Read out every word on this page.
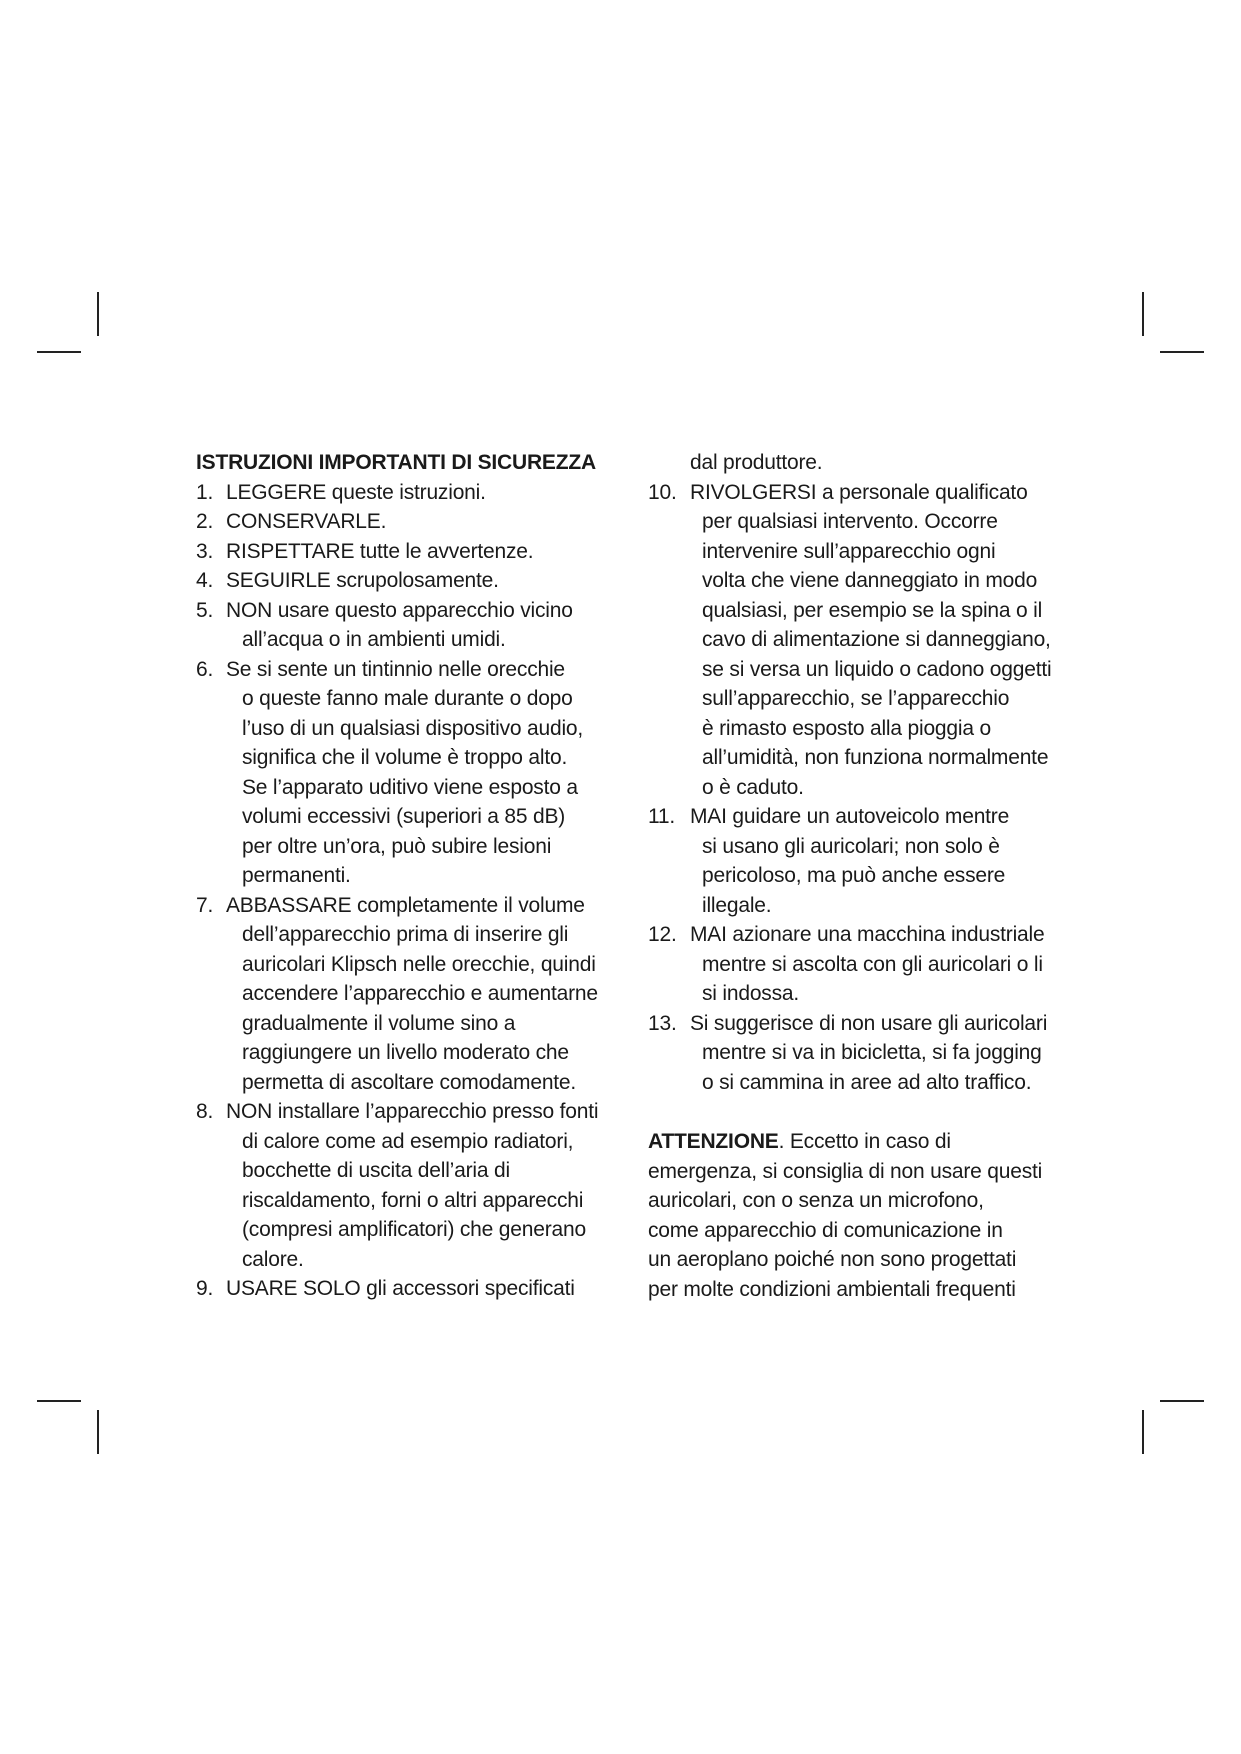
ISTRUZIONI IMPORTANTI DI SICUREZZA
1. LEGGERE queste istruzioni.
2. CONSERVARLE.
3. RISPETTARE tutte le avvertenze.
4. SEGUIRLE scrupolosamente.
5. NON usare questo apparecchio vicino
all’acqua o in ambienti umidi.
6. Se si sente un tintinnio nelle orecchie
o queste fanno male durante o dopo
l’uso di un qualsiasi dispositivo audio,
significa che il volume è troppo alto.
Se l’apparato uditivo viene esposto a
volumi eccessivi (superiori a 85 dB)
per oltre un’ora, può subire lesioni
permanenti.
7. ABBASSARE completamente il volume
dell’apparecchio prima di inserire gli
auricolari Klipsch nelle orecchie, quindi
accendere l’apparecchio e aumentarne
gradualmente il volume sino a
raggiungere un livello moderato che
permetta di ascoltare comodamente.
8. NON installare l’apparecchio presso fonti
di calore come ad esempio radiatori,
bocchette di uscita dell’aria di
riscaldamento, forni o altri apparecchi
(compresi amplificatori) che generano
calore.
9. USARE SOLO gli accessori specificati
dal produttore.
10. RIVOLGERSI a personale qualificato
per qualsiasi intervento. Occorre
intervenire sull’apparecchio ogni
volta che viene danneggiato in modo
qualsiasi, per esempio se la spina o il
cavo di alimentazione si danneggiano,
se si versa un liquido o cadono oggetti
sull’apparecchio, se l’apparecchio
è rimasto esposto alla pioggia o
all’umidità, non funziona normalmente
o è caduto.
11. MAI guidare un autoveicolo mentre
si usano gli auricolari; non solo è
pericoloso, ma può anche essere
illegale.
12. MAI azionare una macchina industriale
mentre si ascolta con gli auricolari o li
si indossa.
13. Si suggerisce di non usare gli auricolari
mentre si va in bicicletta, si fa jogging
o si cammina in aree ad alto traffico.
ATTENZIONE. Eccetto in caso di
emergenza, si consiglia di non usare questi
auricolari, con o senza un microfono,
come apparecchio di comunicazione in
un aeroplano poiché non sono progettati
per molte condizioni ambientali frequenti
